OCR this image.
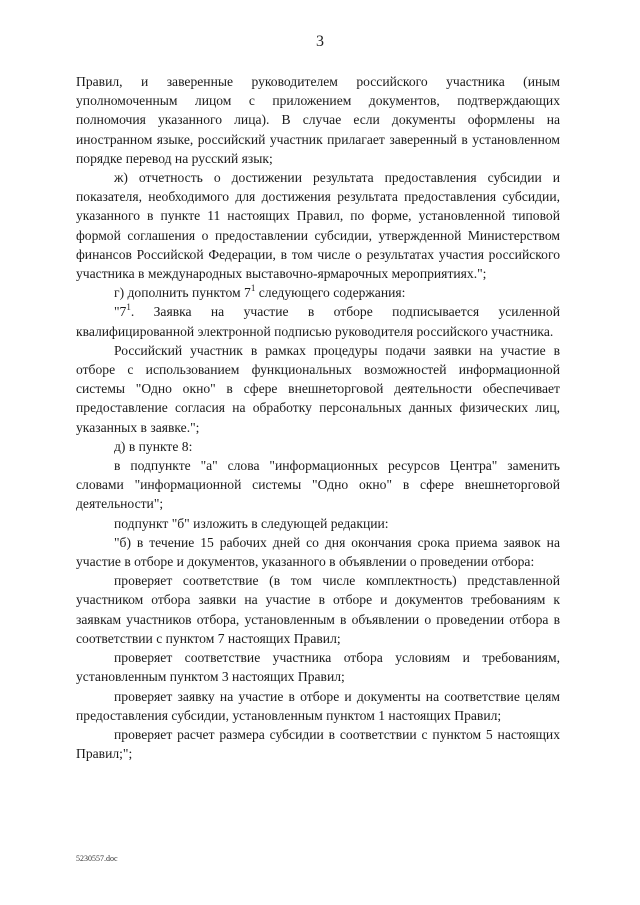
3

Правил, и заверенные руководителем российского участника (иным уполномоченным лицом с приложением документов, подтверждающих полномочия указанного лица). В случае если документы оформлены на иностранном языке, российский участник прилагает заверенный в установленном порядке перевод на русский язык;

ж) отчетность о достижении результата предоставления субсидии и показателя, необходимого для достижения результата предоставления субсидии, указанного в пункте 11 настоящих Правил, по форме, установленной типовой формой соглашения о предоставлении субсидии, утвержденной Министерством финансов Российской Федерации, в том числе о результатах участия российского участника в международных выставочно-ярмарочных мероприятиях.";

г) дополнить пунктом $7^1$ следующего содержания:

"$7^1$. Заявка на участие в отборе подписывается усиленной квалифицированной электронной подписью руководителя российского участника.

Российский участник в рамках процедуры подачи заявки на участие в отборе с использованием функциональных возможностей информационной системы "Одно окно" в сфере внешнеторговой деятельности обеспечивает предоставление согласия на обработку персональных данных физических лиц, указанных в заявке.";

д) в пункте 8:

в подпункте "а" слова "информационных ресурсов Центра" заменить словами "информационной системы "Одно окно" в сфере внешнеторговой деятельности";

подпункт "б" изложить в следующей редакции:

"б) в течение 15 рабочих дней со дня окончания срока приема заявок на участие в отборе и документов, указанного в объявлении о проведении отбора:

проверяет соответствие (в том числе комплектность) представленной участником отбора заявки на участие в отборе и документов требованиям к заявкам участников отбора, установленным в объявлении о проведении отбора в соответствии с пунктом 7 настоящих Правил;

проверяет соответствие участника отбора условиям и требованиям, установленным пунктом 3 настоящих Правил;

проверяет заявку на участие в отборе и документы на соответствие целям предоставления субсидии, установленным пунктом 1 настоящих Правил;

проверяет расчет размера субсидии в соответствии с пунктом 5 настоящих Правил;";

5230557.doc
